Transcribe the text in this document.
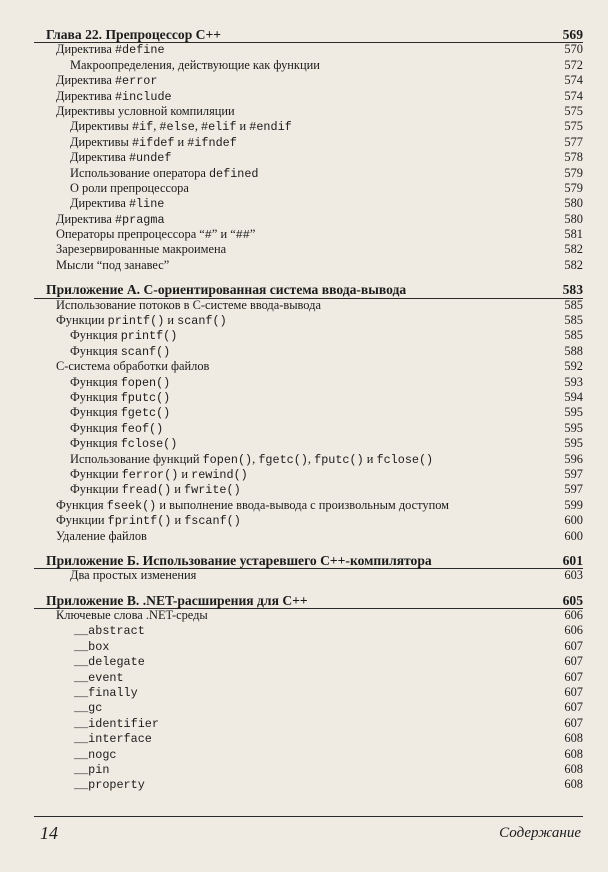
Глава 22. Препроцессор С++	569
Директива #define	570
Макроопределения, действующие как функции	572
Директива #error	574
Директива #include	574
Директивы условной компиляции	575
Директивы #if, #else, #elif и #endif	575
Директивы #ifdef и #ifndef	577
Директива #undef	578
Использование оператора defined	579
О роли препроцессора	579
Директива #line	580
Директива #pragma	580
Операторы препроцессора “#” и “##”	581
Зарезервированные макроимена	582
Мысли “под занавес”	582
Приложение А. С-ориентированная система ввода-вывода	583
Использование потоков в С-системе ввода-вывода	585
Функции printf() и scanf()	585
Функция printf()	585
Функция scanf()	588
С-система обработки файлов	592
Функция fopen()	593
Функция fputc()	594
Функция fgetc()	595
Функция feof()	595
Функция fclose()	595
Использование функций fopen(), fgetc(), fputc() и fclose()	596
Функции ferror() и rewind()	597
Функции fread() и fwrite()	597
Функция fseek() и выполнение ввода-вывода с произвольным доступом	599
Функции fprintf() и fscanf()	600
Удаление файлов	600
Приложение Б. Использование устаревшего С++-компилятора	601
Два простых изменения	603
Приложение В. .NET-расширения для С++	605
Ключевые слова .NET-среды	606
__abstract	606
__box	607
__delegate	607
__event	607
__finally	607
__gc	607
__identifier	607
__interface	608
__nogc	608
__pin	608
__property	608
14	Содержание
